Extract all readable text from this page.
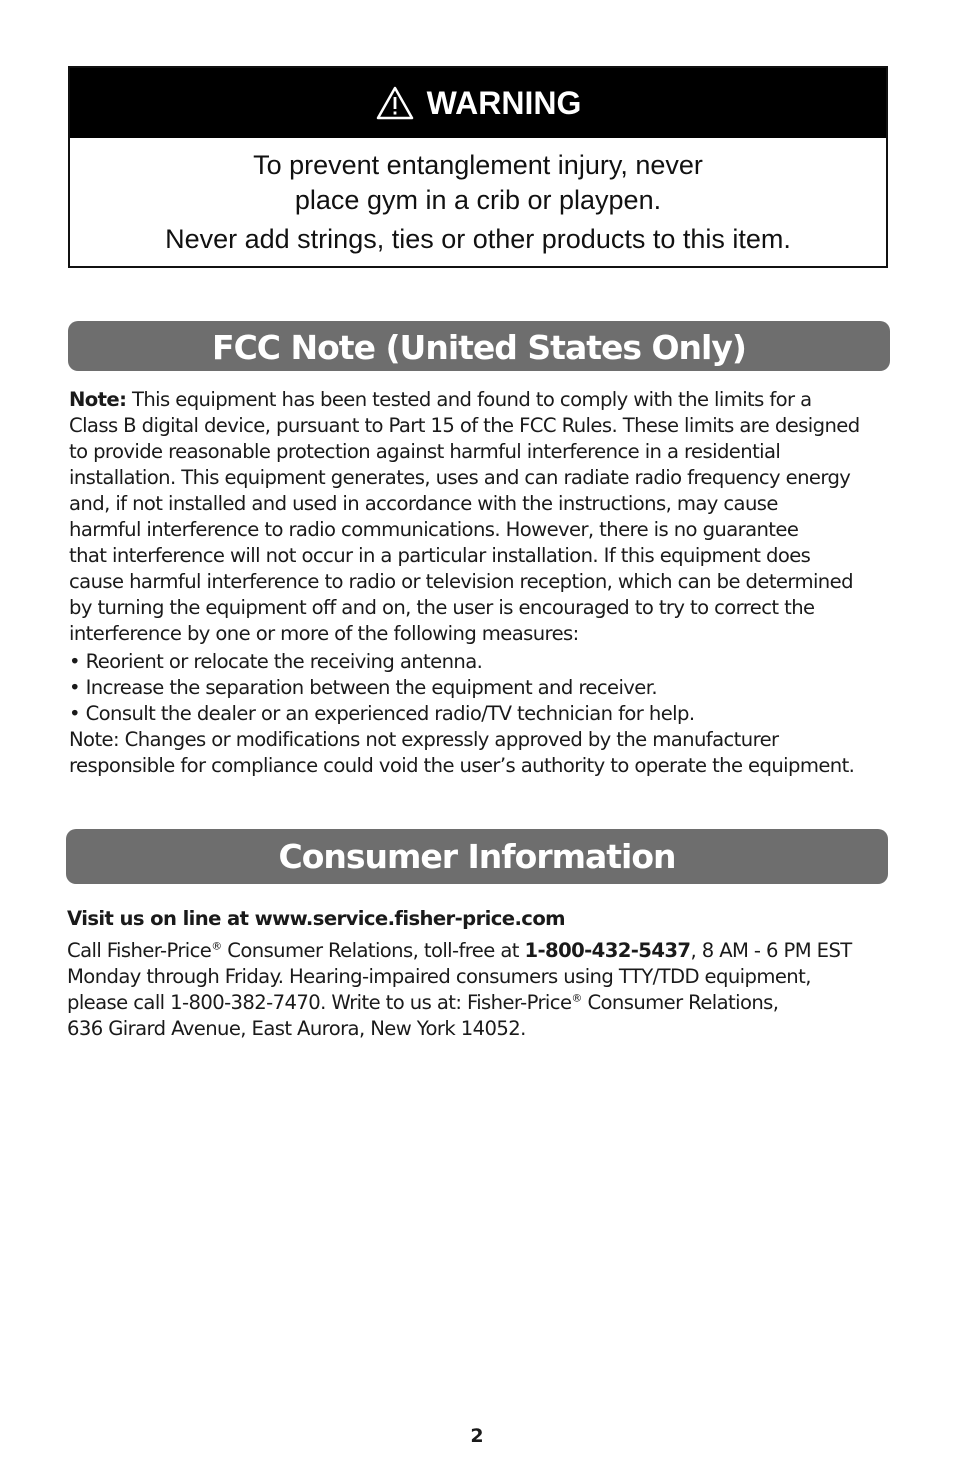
WARNING
To prevent entanglement injury, never
place gym in a crib or playpen.
Never add strings, ties or other products to this item.
FCC Note (United States Only)
Note: This equipment has been tested and found to comply with the limits for a
Class B digital device, pursuant to Part 15 of the FCC Rules. These limits are designed
to provide reasonable protection against harmful interference in a residential
installation. This equipment generates, uses and can radiate radio frequency energy
and, if not installed and used in accordance with the instructions, may cause
harmful interference to radio communications. However, there is no guarantee
that interference will not occur in a particular installation. If this equipment does
cause harmful interference to radio or television reception, which can be determined
by turning the equipment off and on, the user is encouraged to try to correct the
interference by one or more of the following measures:
• Reorient or relocate the receiving antenna.
• Increase the separation between the equipment and receiver.
• Consult the dealer or an experienced radio/TV technician for help.
Note: Changes or modifications not expressly approved by the manufacturer
responsible for compliance could void the user’s authority to operate the equipment.
Consumer Information
Visit us on line at www.service.fisher-price.com
Call Fisher-Price® Consumer Relations, toll-free at 1-800-432-5437, 8 AM - 6 PM EST
Monday through Friday. Hearing-impaired consumers using TTY/TDD equipment,
please call 1-800-382-7470. Write to us at: Fisher-Price® Consumer Relations,
636 Girard Avenue, East Aurora, New York 14052.
2
